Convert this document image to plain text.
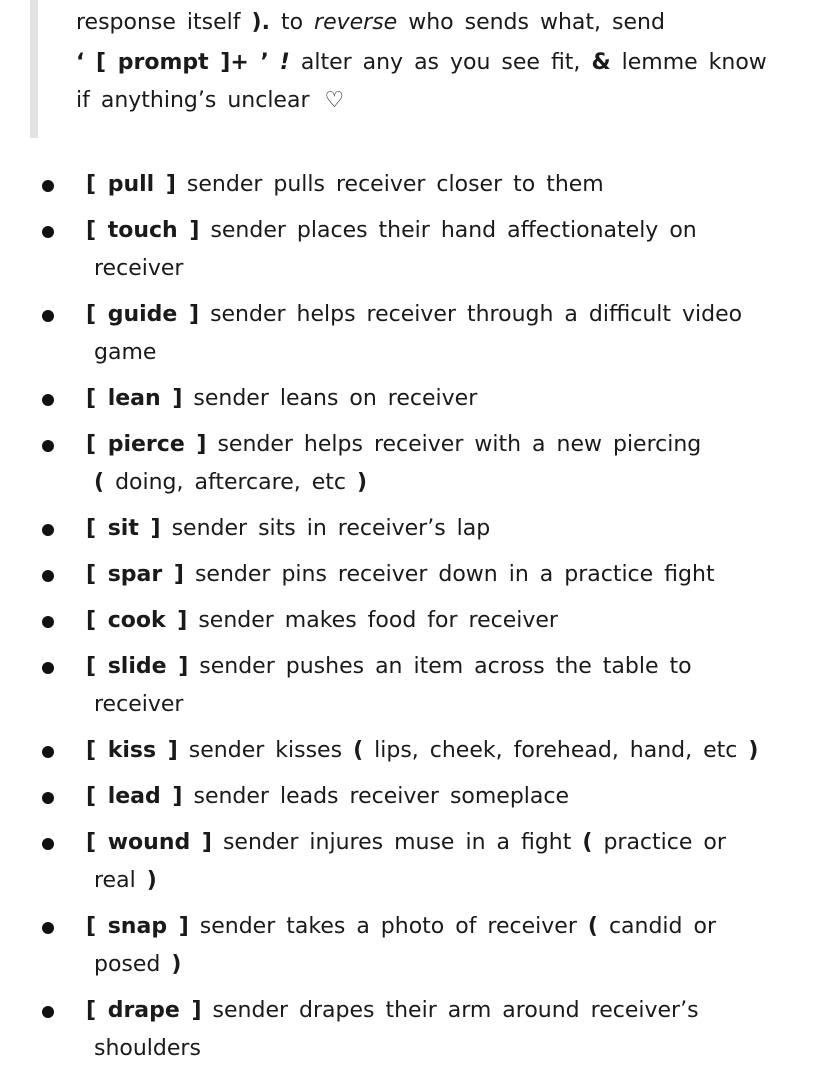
response itself ). to reverse who sends what, send
‘ [ prompt ]+ ’ ! alter any as you see fit, & lemme know
if anything’s unclear ♡
[ pull ] sender pulls receiver closer to them
[ touch ] sender places their hand affectionately on
receiver
[ guide ] sender helps receiver through a difficult video
game
[ lean ] sender leans on receiver
[ pierce ] sender helps receiver with a new piercing
( doing, aftercare, etc )
[ sit ] sender sits in receiver’s lap
[ spar ] sender pins receiver down in a practice fight
[ cook ] sender makes food for receiver
[ slide ] sender pushes an item across the table to
receiver
[ kiss ] sender kisses ( lips, cheek, forehead, hand, etc )
[ lead ] sender leads receiver someplace
[ wound ] sender injures muse in a fight ( practice or
real )
[ snap ] sender takes a photo of receiver ( candid or
posed )
[ drape ] sender drapes their arm around receiver’s
shoulders
